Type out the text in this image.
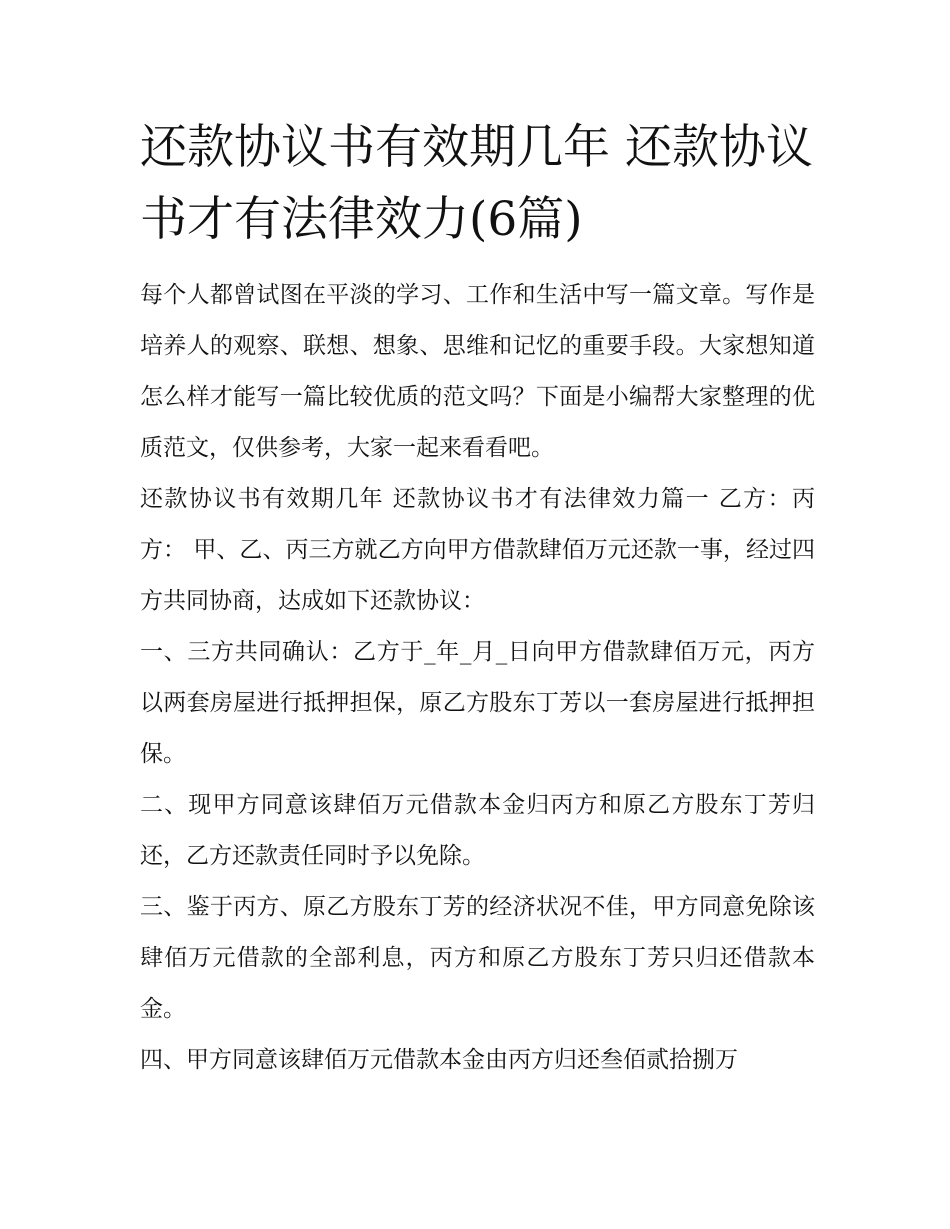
还款协议书有效期几年 还款协议书才有法律效力(6篇)

每个人都曾试图在平淡的学习、工作和生活中写一篇文章。写作是培养人的观察、联想、想象、思维和记忆的重要手段。大家想知道怎么样才能写一篇比较优质的范文吗？下面是小编帮大家整理的优质范文，仅供参考，大家一起来看看吧。

还款协议书有效期几年 还款协议书才有法律效力篇一 乙方：丙方： 甲、乙、丙三方就乙方向甲方借款肆佰万元还款一事，经过四方共同协商，达成如下还款协议：

一、三方共同确认：乙方于_年_月_日向甲方借款肆佰万元，丙方以两套房屋进行抵押担保，原乙方股东丁芳以一套房屋进行抵押担保。

二、现甲方同意该肆佰万元借款本金归丙方和原乙方股东丁芳归还，乙方还款责任同时予以免除。

三、鉴于丙方、原乙方股东丁芳的经济状况不佳，甲方同意免除该肆佰万元借款的全部利息，丙方和原乙方股东丁芳只归还借款本金。

四、甲方同意该肆佰万元借款本金由丙方归还叁佰贰拾捌万
